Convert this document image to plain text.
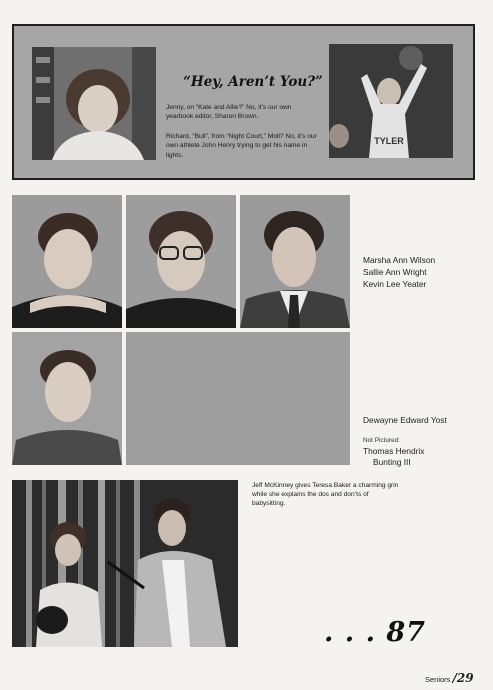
“Hey, Aren’t You?”
Jenny, on “Kate and Allie?” No, it’s our own yearbook editor, Sharon Brown.
Richard, “Bull”, from “Night Court,” Moll? No, it’s our own athlete John Henry trying to get his name in lights.
TYLER
Marsha Ann Wilson
Sallie Ann Wright
Kevin Lee Yeater
Dewayne Edward Yost
Not Pictured:
Thomas Hendrix
Bunting III
Jeff McKinney gives Teresa Baker a charming grin while she explains the dos and don’ts of babysitting.
. . . 87
Seniors /29
